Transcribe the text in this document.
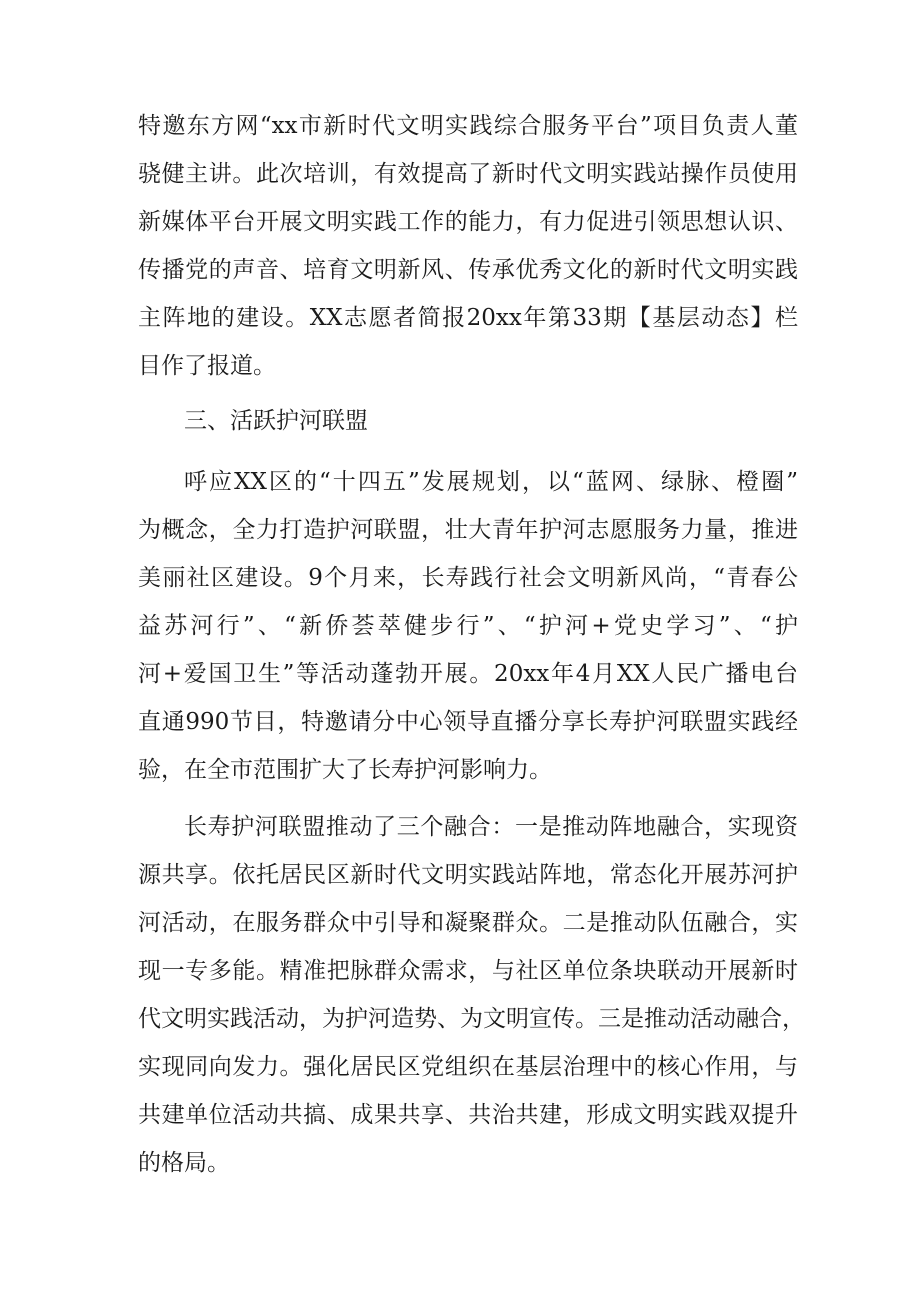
特邀东方网“xx市新时代文明实践综合服务平台”项目负责人董
骁健主讲。此次培训，有效提高了新时代文明实践站操作员使用
新媒体平台开展文明实践工作的能力，有力促进引领思想认识、
传播党的声音、培育文明新风、传承优秀文化的新时代文明实践
主阵地的建设。XX志愿者简报20xx年第33期【基层动态】栏
目作了报道。
三、活跃护河联盟
呼应XX区的“十四五”发展规划，以“蓝网、绿脉、橙圈”
为概念，全力打造护河联盟，壮大青年护河志愿服务力量，推进
美丽社区建设。9个月来，长寿践行社会文明新风尚，“青春公
益苏河行”、“新侨荟萃健步行”、“护河+党史学习”、“护
河+爱国卫生”等活动蓬勃开展。20xx年4月XX人民广播电台
直通990节目，特邀请分中心领导直播分享长寿护河联盟实践经
验，在全市范围扩大了长寿护河影响力。
长寿护河联盟推动了三个融合：一是推动阵地融合，实现资
源共享。依托居民区新时代文明实践站阵地，常态化开展苏河护
河活动，在服务群众中引导和凝聚群众。二是推动队伍融合，实
现一专多能。精准把脉群众需求，与社区单位条块联动开展新时
代文明实践活动，为护河造势、为文明宣传。三是推动活动融合，
实现同向发力。强化居民区党组织在基层治理中的核心作用，与
共建单位活动共搞、成果共享、共治共建，形成文明实践双提升
的格局。
